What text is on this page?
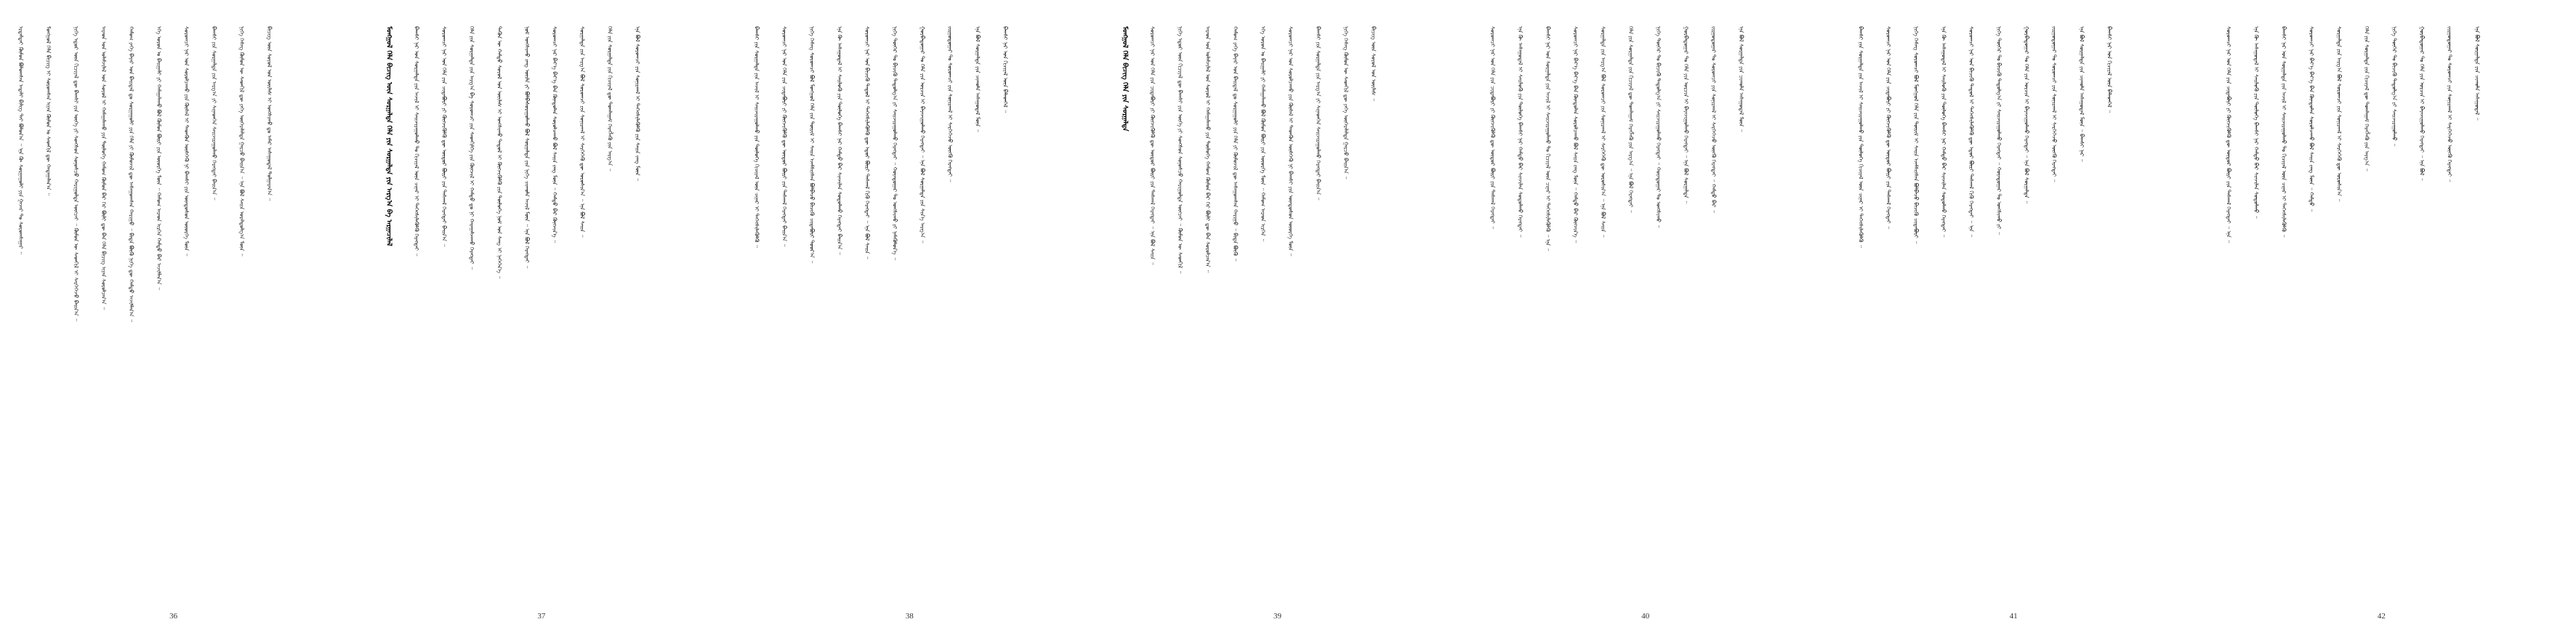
ᠡᠷᠳᠡᠮᠲᠡᠢ ᠬᠦᠮᠦᠨ ᠪᠣᠯᠤᠭᠰᠠᠨ ᠠᠳᠠᠯᠢ ᠪᠢᠯᠢᠭ ᠲᠠᠢ ᠪᠣᠯᠤᠨ᠎ᠠ ᠃ ᠡᠨᠡ ᠬᠦ ᠰᠤᠷᠭᠠᠭᠤᠯᠢ ᠶᠢᠨ ᠭᠠᠵᠠᠷ ᠲᠤ ᠰᠤᠷᠤᠭᠰᠠᠭᠠᠷ ᠃	ᠮᠣᠩᠭᠣᠯ ᠬᠡᠯᠡ ᠪᠢᠴᠢᠭ᠌ ᠢ ᠰᠤᠷᠤᠭᠰᠠᠨ ᠢᠶᠡᠨ ᠬᠦᠮᠦᠨ ᠤ ᠰᠡᠳᠬᠢᠯ ᠳᠦ ᠬᠠᠳᠠᠭᠠᠯᠠᠨ᠎ᠠ ᠃	ᠨᠢᠭᠡ ᠡᠳᠦᠷ ᠦᠨ ᠬᠢᠴᠢᠶᠡᠯ ᠳᠦ ᠪᠠᠭᠰᠢ ᠶᠢᠨ ᠦᠭᠡ ᠶᠢ ᠰᠣᠩᠰᠣᠨ ᠰᠣᠨᠣᠰᠴᠤ ᠬᠠᠷᠢᠭᠤᠯᠲᠠ ᠥᠭᠴᠡᠢ ᠃ ᠬᠦᠮᠦᠨ ᠦ ᠰᠡᠳᠬᠢᠯ ᠢ ᠰᠡᠷᠭᠡᠭᠡᠵᠦ ᠪᠠᠢᠨ᠎ᠠ ᠃	ᠠᠷᠠᠳ ᠤᠨ ᠤᠯᠠᠮᠵᠢᠯᠠᠯ ᠤᠨ ᠰᠣᠶᠣᠯ ᠢ ᠬᠠᠮᠠᠭᠠᠯᠠᠬᠤ ᠶᠢᠨ ᠲᠥᠯᠥᠭᠡ ᠬᠠᠮᠤᠭ ᠬᠦᠮᠦᠨ ᠪᠠᠷ ᠭᠡᠷ ᠪᠦᠯᠢ ᠳᠦ ᠪᠡᠨ ᠬᠡᠯᠡ ᠪᠢᠴᠢᠭ᠌ ᠢᠶᠡᠨ ᠰᠤᠷᠤᠯᠴᠠᠨ᠎ᠠ ᠃	ᠬᠠᠮᠤᠭ ᠶᠡᠬᠡ ᠪᠠᠶᠠᠷ ᠤᠨ ᠪᠠᠢᠳᠠᠯ ᠳᠤ ᠰᠤᠷᠭᠠᠭᠤᠯᠢ ᠶᠢᠨ ᠬᠡᠯᠡ ᠶᠢ ᠬᠦᠮᠦᠵᠢᠯ ᠳᠦ ᠠᠰᠠᠭᠤᠭᠰᠠᠨ ᠬᠠᠷᠢᠭᠤ ᠃ ᠪᠢᠳᠡ ᠪᠦᠬᠦ ᠨᠢᠭᠡ ᠳᠦ ᠬᠠᠮᠲᠤ ᠠᠵᠢᠯᠯᠠᠨ᠎ᠠ ᠃	ᠡᠬᠡ ᠣᠷᠣᠨ ᠤ ᠪᠠᠢᠭᠠᠯᠢ ᠶᠢ ᠬᠠᠮᠠᠭᠠᠯᠠᠬᠤ ᠪᠣᠯ ᠬᠦᠮᠦᠨ ᠪᠦᠷᠢ ᠶᠢᠨ ᠦᠦᠷᠭᠡ ᠮᠥᠨ ᠃ ᠬᠠᠮᠤᠭ ᠠᠷᠠᠳ ᠢᠷᠭᠡᠨ ᠬᠠᠮᠲᠤ ᠪᠠᠷ ᠠᠵᠢᠯᠯᠠᠨ᠎ᠠ ᠃	ᠰᠤᠷᠤᠭᠴᠢ ᠨᠠᠷ ᠤᠨ ᠰᠤᠷᠤᠯᠴᠠᠬᠤ ᠶᠢᠨ ᠬᠦᠰᠡᠯ ᠢ ᠲᠡᠳᠭᠦᠨ ᠥᠰᠬᠡᠬᠦ ᠨᠢ ᠪᠠᠭᠰᠢ ᠶᠢᠨ ᠦᠨᠳᠦᠰᠦᠨ ᠦᠦᠷᠭᠡ ᠮᠥᠨ ᠃	ᠪᠠᠭᠰᠢ ᠶᠢᠨ ᠰᠤᠷᠭᠠᠯᠲᠠ ᠶᠢᠨ ᠠᠷᠭ᠎ᠠ ᠶᠢ ᠰᠢᠨᠡᠳᠭᠡᠨ ᠰᠠᠢᠵᠢᠷᠠᠭᠤᠯᠬᠤ ᠬᠡᠷᠡᠭᠲᠡᠢ ᠪᠠᠢᠨ᠎ᠠ ᠃	ᠨᠢᠭᠡ ᠬᠡᠰᠡᠭ ᠬᠦᠮᠦᠨ ᠦ ᠰᠡᠳᠬᠢᠯ ᠳᠦ ᠶᠡᠬᠡ ᠥᠭᠡᠷᠡᠯᠡᠯᠲᠡ ᠭᠠᠷᠴᠤ ᠪᠠᠢᠨ᠎ᠠ ᠃ ᠡᠨᠡ ᠪᠣᠯ ᠰᠠᠢᠨ ᠤᠷᠠᠯᠳᠤᠯᠭ᠎ᠠ ᠮᠥᠨ ᠃	ᠪᠢᠴᠢᠭ᠌ ᠦᠨ ᠰᠣᠶᠣᠯ ᠤᠨ ᠦᠢᠯᠡᠰ ᠢ ᠤᠩᠰᠢᠬᠤ ᠳᠤ ᠠᠮᠠᠷ ᠠᠰᠠᠭᠤᠳᠠᠯ ᠲᠤᠯᠭᠠᠷᠠᠨ᠎ᠠ ᠃
36
ᠮᠣᠩᠭᠣᠯ ᠬᠡᠯᠡ ᠪᠢᠴᠢᠭ᠌ ᠦᠨ ᠰᠤᠷᠭᠠᠯᠲᠠ ᠬᠡᠯᠡ ᠶᠢᠨ ᠰᠤᠷᠭᠠᠯᠲᠠ ᠶᠢᠨ ᠠᠷᠭ᠎ᠠ ᠪᠠ ᠠᠷᠭᠠᠴᠢᠯᠠᠯ	ᠪᠠᠭᠰᠢ ᠨᠠᠷ ᠤᠨ ᠰᠤᠷᠭᠠᠯᠲᠠ ᠶᠢᠨ ᠠᠵᠢᠯ ᠢ ᠰᠠᠢᠵᠢᠷᠠᠭᠤᠯᠬᠤ ᠲᠤ ᠬᠢᠴᠢᠶᠡᠯ ᠦᠨ ᠴᠢᠨᠠᠷ ᠢ ᠳᠡᠭᠡᠭᠰᠢᠯᠡᠭᠦᠯᠬᠦ ᠬᠡᠷᠡᠭᠲᠡᠢ ᠃	ᠰᠤᠷᠤᠭᠴᠢ ᠨᠠᠷ ᠤᠨ ᠬᠡᠯᠡ ᠶᠢᠨ ᠴᠢᠳᠠᠪᠤᠷᠢ ᠶᠢ ᠬᠥᠭᠵᠢᠭᠦᠯᠬᠦ ᠳᠦ ᠥᠳᠥᠷ ᠪᠦᠷᠢ ᠶᠢᠨ ᠳᠠᠰᠬᠠᠯ ᠬᠡᠷᠡᠭᠲᠡᠢ ᠪᠠᠢᠨ᠎ᠠ ᠃	ᠬᠡᠯᠡ ᠶᠢᠨ ᠰᠤᠷᠭᠠᠯᠲᠠ ᠶᠢᠨ ᠠᠷᠭ᠎ᠠ ᠪᠠ ᠰᠤᠷᠤᠭᠴᠢ ᠶᠢᠨ ᠰᠡᠳᠬᠢᠯᠭᠡ ᠶᠢᠨ ᠬᠥᠭᠵᠢᠯ ᠢ ᠬᠠᠮᠲᠤ ᠳᠤ ᠨᠢ ᠬᠠᠷᠠᠭᠠᠯᠵᠠᠬᠤ ᠬᠡᠷᠡᠭᠲᠡᠢ ᠃	ᠲᠡᠭᠦᠨ ᠦ ᠬᠠᠮᠲᠤ ᠰᠣᠶᠣᠯ ᠤᠨ ᠦᠢᠯᠡᠰ ᠢ ᠤᠩᠰᠢᠬᠤ ᠳᠠᠳᠤᠯ ᠢ ᠬᠥᠭᠵᠢᠭᠦᠯᠬᠦ ᠶᠢᠨ ᠲᠥᠯᠥᠭᠡ ᠨᠣᠮ ᠤᠨ ᠰᠠᠩ ᠢ ᠨᠡᠭᠡᠭᠡᠨ᠎ᠡ ᠃	ᠨᠣᠮ ᠤᠩᠰᠢᠬᠤ ᠵᠠᠩ ᠦᠢᠯᠡ ᠶᠢ ᠪᠣᠯᠪᠠᠰᠤᠷᠠᠭᠤᠯᠬᠤ ᠪᠣᠯ ᠰᠤᠷᠭᠠᠯᠲᠠ ᠶᠢᠨ ᠨᠢᠭᠡ ᠴᠢᠬᠤᠯᠠ ᠠᠵᠢᠯ ᠮᠥᠨ ᠃ ᠡᠨᠡ ᠪᠣᠯ ᠬᠡᠷᠡᠭᠲᠡᠢ ᠃	ᠰᠤᠷᠤᠭᠴᠢ ᠨᠠᠷ ᠪᠡᠶ᠎ᠡ ᠪᠡᠶ᠎ᠡ ᠪᠡᠨ ᠬᠦᠨᠳᠦᠯᠡᠨ ᠰᠤᠷᠤᠯᠴᠠᠬᠤ ᠪᠣᠯ ᠰᠠᠢᠨ ᠵᠠᠩ ᠮᠥᠨ ᠃ ᠬᠠᠮᠲᠤ ᠪᠠᠷ ᠬᠥᠭᠵᠢᠨ᠎ᠡ ᠃	ᠰᠤᠷᠭᠠᠯᠲᠠ ᠶᠢᠨ ᠠᠷᠭ᠎ᠠ ᠪᠣᠯ ᠰᠤᠷᠤᠭᠴᠢ ᠶᠢᠨ ᠰᠣᠨᠢᠷᠬᠠᠯ ᠢ ᠰᠡᠷᠭᠡᠭᠡᠬᠦ ᠳᠦ ᠣᠷᠣᠰᠢᠨ᠎ᠠ ᠃ ᠡᠨᠡ ᠪᠣᠯ ᠰᠠᠢᠨ ᠃	ᠬᠡᠯᠡ ᠶᠢᠨ ᠰᠤᠷᠭᠠᠯᠲᠠ ᠶᠢᠨ ᠬᠢᠴᠢᠶᠡᠯ ᠳᠦ ᠲᠣᠭᠯᠠᠭᠠᠮ ᠬᠡᠷᠡᠭᠯᠡᠬᠦ ᠶᠢᠨ ᠠᠷᠭ᠎ᠠ ᠃	ᠡᠨᠡ ᠪᠣᠯ ᠰᠤᠷᠤᠭᠴᠢ ᠶᠢᠨ ᠰᠣᠨᠢᠷᠬᠠᠯ ᠢ ᠳᠡᠭᠡᠭᠰᠢᠯᠡᠭᠦᠯᠬᠦ ᠶᠢᠨ ᠰᠠᠢᠨ ᠵᠠᠩ ᠮᠥᠨ ᠃
37
ᠪᠠᠭᠰᠢ ᠶᠢᠨ ᠰᠤᠷᠭᠠᠯᠲᠠ ᠶᠢᠨ ᠠᠵᠢᠯ ᠢ ᠰᠠᠢᠵᠢᠷᠠᠭᠤᠯᠬᠤ ᠶᠢᠨ ᠲᠥᠯᠥᠭᠡ ᠬᠢᠴᠢᠶᠡᠯ ᠦᠨ ᠴᠢᠨᠠᠷ ᠢ ᠳᠡᠭᠡᠭᠰᠢᠯᠡᠭᠦᠯᠬᠦ ᠃	ᠰᠤᠷᠤᠭᠴᠢ ᠨᠠᠷ ᠤᠨ ᠬᠡᠯᠡ ᠶᠢᠨ ᠴᠢᠳᠠᠪᠤᠷᠢ ᠶᠢ ᠬᠥᠭᠵᠢᠭᠦᠯᠬᠦ ᠳᠦ ᠥᠳᠥᠷ ᠪᠦᠷᠢ ᠶᠢᠨ ᠳᠠᠰᠬᠠᠯ ᠬᠡᠷᠡᠭᠲᠡᠢ ᠪᠠᠢᠨ᠎ᠠ ᠃	ᠨᠢᠭᠡ ᠬᠡᠰᠡᠭ ᠰᠤᠷᠤᠭᠴᠢ ᠪᠣᠯ ᠮᠣᠩᠭᠣᠯ ᠬᠡᠯᠡ ᠶᠢᠨ ᠳᠦᠷᠢᠮ ᠢ ᠰᠠᠢᠨ ᠡᠵᠡᠮᠰᠢᠭᠰᠡᠨ ᠪᠣᠯᠪᠠᠴᠤ ᠪᠢᠴᠢᠬᠦ ᠴᠢᠳᠠᠪᠤᠷᠢ ᠳᠣᠣᠷ᠎ᠠ ᠃	ᠡᠨᠡ ᠬᠦ ᠠᠰᠠᠭᠤᠳᠠᠯ ᠢ ᠰᠡᠢᠯᠦᠬᠦ ᠶᠢᠨ ᠲᠥᠯᠥᠭᠡ ᠪᠠᠭᠰᠢ ᠨᠠᠷ ᠬᠠᠮᠲᠤ ᠪᠠᠷ ᠰᠢᠨᠵᠢᠯᠡᠨ ᠰᠤᠳᠤᠯᠬᠤ ᠬᠡᠷᠡᠭᠲᠡᠢ ᠪᠠᠢᠨ᠎ᠠ ᠃	ᠰᠤᠷᠤᠭᠴᠢ ᠨᠠᠷ ᠤᠨ ᠪᠢᠴᠢᠬᠦ ᠳᠠᠳᠤᠯ ᠢ ᠳᠡᠭᠡᠭᠰᠢᠯᠡᠭᠦᠯᠬᠦ ᠳᠦ ᠡᠳᠦᠷ ᠪᠦᠷᠢ ᠳᠠᠰᠬᠠᠯ ᠬᠢᠬᠦ ᠬᠡᠷᠡᠭᠲᠡᠢ ᠃ ᠡᠨᠡ ᠪᠣᠯ ᠰᠠᠢᠨ ᠃	ᠨᠢᠭᠡ ᠳᠦᠭᠡᠷ ᠲᠤ ᠪᠢᠴᠢᠬᠦ ᠳᠠᠳᠤᠯᠭ᠎ᠠ ᠶᠢ ᠰᠠᠢᠵᠢᠷᠠᠭᠤᠯᠬᠤ ᠬᠡᠷᠡᠭᠲᠡᠢ ᠃ ᠬᠣᠶᠠᠳᠤᠭᠠᠷ ᠲᠤ ᠤᠩᠰᠢᠬᠤ ᠶᠢ ᠨᠡᠮᠡᠭᠦᠯᠦᠨ᠎ᠡ ᠃	ᠭᠤᠷᠪᠠᠳᠤᠭᠠᠷ ᠲᠤ ᠬᠡᠯᠡ ᠶᠢᠨ ᠣᠷᠴᠢᠨ ᠢ ᠪᠠᠶᠠᠵᠢᠭᠤᠯᠬᠤ ᠬᠡᠷᠡᠭᠲᠡᠢ ᠃ ᠡᠨᠡ ᠪᠣᠯ ᠰᠤᠷᠭᠠᠯᠲᠠ ᠶᠢᠨ ᠰᠢᠨ᠎ᠡ ᠠᠷᠭ᠎ᠠ ᠃	ᠵᠢᠷᠭᠤᠳᠤᠭᠠᠷ ᠲᠤ ᠰᠤᠷᠤᠭᠴᠢ ᠶᠢᠨ ᠰᠣᠨᠢᠷᠬᠠᠯ ᠢ ᠰᠡᠷᠭᠡᠭᠡᠵᠦ ᠥᠭᠬᠦ ᠬᠡᠷᠡᠭᠲᠡᠢ ᠃	ᠡᠨᠡ ᠪᠣᠯ ᠰᠤᠷᠭᠠᠯᠲᠠ ᠶᠢᠨ ᠴᠢᠬᠤᠯᠠ ᠠᠰᠠᠭᠤᠳᠠᠯ ᠮᠥᠨ ᠃	ᠪᠠᠭᠰᠢ ᠨᠠᠷ ᠤᠨ ᠬᠢᠴᠢᠶᠡᠯ ᠦᠨ ᠪᠡᠯᠡᠳᠭᠡᠯ ᠃
38
ᠮᠣᠩᠭᠣᠯ ᠬᠡᠯᠡ ᠪᠢᠴᠢᠭ᠌ ᠬᠡᠯᠡ ᠶᠢᠨ ᠰᠤᠷᠭᠠᠯᠲᠠ	ᠰᠤᠷᠤᠭᠴᠢ ᠨᠠᠷ ᠤᠨ ᠬᠡᠯᠡ ᠶᠢᠨ ᠴᠢᠳᠠᠪᠤᠷᠢ ᠶᠢ ᠬᠥᠭᠵᠢᠭᠦᠯᠬᠦ ᠳᠦ ᠥᠳᠥᠷ ᠪᠦᠷᠢ ᠶᠢᠨ ᠳᠠᠰᠬᠠᠯ ᠬᠡᠷᠡᠭᠲᠡᠢ ᠃ ᠡᠨᠡ ᠪᠣᠯ ᠰᠠᠢᠨ ᠃	ᠨᠢᠭᠡ ᠡᠳᠦᠷ ᠦᠨ ᠬᠢᠴᠢᠶᠡᠯ ᠳᠦ ᠪᠠᠭᠰᠢ ᠶᠢᠨ ᠦᠭᠡ ᠶᠢ ᠰᠣᠩᠰᠣᠨ ᠰᠣᠨᠣᠰᠴᠤ ᠬᠠᠷᠢᠭᠤᠯᠲᠠ ᠥᠭᠴᠡᠢ ᠃ ᠬᠦᠮᠦᠨ ᠦ ᠰᠡᠳᠬᠢᠯ ᠃	ᠠᠷᠠᠳ ᠤᠨ ᠤᠯᠠᠮᠵᠢᠯᠠᠯ ᠤᠨ ᠰᠣᠶᠣᠯ ᠢ ᠬᠠᠮᠠᠭᠠᠯᠠᠬᠤ ᠶᠢᠨ ᠲᠥᠯᠥᠭᠡ ᠬᠠᠮᠤᠭ ᠬᠦᠮᠦᠨ ᠪᠠᠷ ᠭᠡᠷ ᠪᠦᠯᠢ ᠳᠦ ᠪᠡᠨ ᠰᠤᠷᠤᠯᠴᠠᠨ᠎ᠠ ᠃	ᠬᠠᠮᠤᠭ ᠶᠡᠬᠡ ᠪᠠᠶᠠᠷ ᠤᠨ ᠪᠠᠢᠳᠠᠯ ᠳᠤ ᠰᠤᠷᠭᠠᠭᠤᠯᠢ ᠶᠢᠨ ᠬᠡᠯᠡ ᠶᠢ ᠬᠦᠮᠦᠵᠢᠯ ᠳᠦ ᠠᠰᠠᠭᠤᠭᠰᠠᠨ ᠬᠠᠷᠢᠭᠤ ᠃ ᠪᠢᠳᠡ ᠪᠦᠬᠦ ᠃	ᠡᠬᠡ ᠣᠷᠣᠨ ᠤ ᠪᠠᠢᠭᠠᠯᠢ ᠶᠢ ᠬᠠᠮᠠᠭᠠᠯᠠᠬᠤ ᠪᠣᠯ ᠬᠦᠮᠦᠨ ᠪᠦᠷᠢ ᠶᠢᠨ ᠦᠦᠷᠭᠡ ᠮᠥᠨ ᠃ ᠬᠠᠮᠤᠭ ᠠᠷᠠᠳ ᠢᠷᠭᠡᠨ ᠃	ᠰᠤᠷᠤᠭᠴᠢ ᠨᠠᠷ ᠤᠨ ᠰᠤᠷᠤᠯᠴᠠᠬᠤ ᠶᠢᠨ ᠬᠦᠰᠡᠯ ᠢ ᠲᠡᠳᠭᠦᠨ ᠥᠰᠬᠡᠬᠦ ᠨᠢ ᠪᠠᠭᠰᠢ ᠶᠢᠨ ᠦᠨᠳᠦᠰᠦᠨ ᠦᠦᠷᠭᠡ ᠮᠥᠨ ᠃	ᠪᠠᠭᠰᠢ ᠶᠢᠨ ᠰᠤᠷᠭᠠᠯᠲᠠ ᠶᠢᠨ ᠠᠷᠭ᠎ᠠ ᠶᠢ ᠰᠢᠨᠡᠳᠭᠡᠨ ᠰᠠᠢᠵᠢᠷᠠᠭᠤᠯᠬᠤ ᠬᠡᠷᠡᠭᠲᠡᠢ ᠪᠠᠢᠨ᠎ᠠ ᠃	ᠨᠢᠭᠡ ᠬᠡᠰᠡᠭ ᠬᠦᠮᠦᠨ ᠦ ᠰᠡᠳᠬᠢᠯ ᠳᠦ ᠶᠡᠬᠡ ᠥᠭᠡᠷᠡᠯᠡᠯᠲᠡ ᠭᠠᠷᠴᠤ ᠪᠠᠢᠨ᠎ᠠ ᠃	ᠪᠢᠴᠢᠭ᠌ ᠦᠨ ᠰᠣᠶᠣᠯ ᠤᠨ ᠦᠢᠯᠡᠰ ᠃
39
ᠰᠤᠷᠤᠭᠴᠢ ᠨᠠᠷ ᠤᠨ ᠬᠡᠯᠡ ᠶᠢᠨ ᠴᠢᠳᠠᠪᠤᠷᠢ ᠶᠢ ᠬᠥᠭᠵᠢᠭᠦᠯᠬᠦ ᠳᠦ ᠥᠳᠥᠷ ᠪᠦᠷᠢ ᠶᠢᠨ ᠳᠠᠰᠬᠠᠯ ᠬᠡᠷᠡᠭᠲᠡᠢ ᠃	ᠡᠨᠡ ᠬᠦ ᠠᠰᠠᠭᠤᠳᠠᠯ ᠢ ᠰᠡᠢᠯᠦᠬᠦ ᠶᠢᠨ ᠲᠥᠯᠥᠭᠡ ᠪᠠᠭᠰᠢ ᠨᠠᠷ ᠬᠠᠮᠲᠤ ᠪᠠᠷ ᠰᠢᠨᠵᠢᠯᠡᠨ ᠰᠤᠳᠤᠯᠬᠤ ᠬᠡᠷᠡᠭᠲᠡᠢ ᠃	ᠪᠠᠭᠰᠢ ᠨᠠᠷ ᠤᠨ ᠰᠤᠷᠭᠠᠯᠲᠠ ᠶᠢᠨ ᠠᠵᠢᠯ ᠢ ᠰᠠᠢᠵᠢᠷᠠᠭᠤᠯᠬᠤ ᠲᠤ ᠬᠢᠴᠢᠶᠡᠯ ᠦᠨ ᠴᠢᠨᠠᠷ ᠢ ᠳᠡᠭᠡᠭᠰᠢᠯᠡᠭᠦᠯᠬᠦ ᠃ ᠡᠨᠡ ᠃	ᠰᠤᠷᠤᠭᠴᠢ ᠨᠠᠷ ᠪᠡᠶ᠎ᠡ ᠪᠡᠶ᠎ᠡ ᠪᠡᠨ ᠬᠦᠨᠳᠦᠯᠡᠨ ᠰᠤᠷᠤᠯᠴᠠᠬᠤ ᠪᠣᠯ ᠰᠠᠢᠨ ᠵᠠᠩ ᠮᠥᠨ ᠃ ᠬᠠᠮᠲᠤ ᠪᠠᠷ ᠬᠥᠭᠵᠢᠨ᠎ᠡ ᠃	ᠰᠤᠷᠭᠠᠯᠲᠠ ᠶᠢᠨ ᠠᠷᠭ᠎ᠠ ᠪᠣᠯ ᠰᠤᠷᠤᠭᠴᠢ ᠶᠢᠨ ᠰᠣᠨᠢᠷᠬᠠᠯ ᠢ ᠰᠡᠷᠭᠡᠭᠡᠬᠦ ᠳᠦ ᠣᠷᠣᠰᠢᠨ᠎ᠠ ᠃ ᠡᠨᠡ ᠪᠣᠯ ᠰᠠᠢᠨ ᠃	ᠬᠡᠯᠡ ᠶᠢᠨ ᠰᠤᠷᠭᠠᠯᠲᠠ ᠶᠢᠨ ᠬᠢᠴᠢᠶᠡᠯ ᠳᠦ ᠲᠣᠭᠯᠠᠭᠠᠮ ᠬᠡᠷᠡᠭᠯᠡᠬᠦ ᠶᠢᠨ ᠠᠷᠭ᠎ᠠ ᠃ ᠡᠨᠡ ᠪᠣᠯ ᠬᠡᠷᠡᠭᠲᠡᠢ ᠃	ᠨᠢᠭᠡ ᠳᠦᠭᠡᠷ ᠲᠤ ᠪᠢᠴᠢᠬᠦ ᠳᠠᠳᠤᠯᠭ᠎ᠠ ᠶᠢ ᠰᠠᠢᠵᠢᠷᠠᠭᠤᠯᠬᠤ ᠬᠡᠷᠡᠭᠲᠡᠢ ᠃ ᠬᠣᠶᠠᠳᠤᠭᠠᠷ ᠲᠤ ᠤᠩᠰᠢᠬᠤ ᠃	ᠭᠤᠷᠪᠠᠳᠤᠭᠠᠷ ᠲᠤ ᠬᠡᠯᠡ ᠶᠢᠨ ᠣᠷᠴᠢᠨ ᠢ ᠪᠠᠶᠠᠵᠢᠭᠤᠯᠬᠤ ᠬᠡᠷᠡᠭᠲᠡᠢ ᠃ ᠡᠨᠡ ᠪᠣᠯ ᠰᠤᠷᠭᠠᠯᠲᠠ ᠃	ᠵᠢᠷᠭᠤᠳᠤᠭᠠᠷ ᠲᠤ ᠰᠤᠷᠤᠭᠴᠢ ᠶᠢᠨ ᠰᠣᠨᠢᠷᠬᠠᠯ ᠢ ᠰᠡᠷᠭᠡᠭᠡᠵᠦ ᠥᠭᠬᠦ ᠬᠡᠷᠡᠭᠲᠡᠢ ᠃ ᠬᠠᠮᠲᠤ ᠪᠠᠷ ᠃	ᠡᠨᠡ ᠪᠣᠯ ᠰᠤᠷᠭᠠᠯᠲᠠ ᠶᠢᠨ ᠴᠢᠬᠤᠯᠠ ᠠᠰᠠᠭᠤᠳᠠᠯ ᠮᠥᠨ ᠃
40
ᠪᠠᠭᠰᠢ ᠶᠢᠨ ᠰᠤᠷᠭᠠᠯᠲᠠ ᠶᠢᠨ ᠠᠵᠢᠯ ᠢ ᠰᠠᠢᠵᠢᠷᠠᠭᠤᠯᠬᠤ ᠶᠢᠨ ᠲᠥᠯᠥᠭᠡ ᠬᠢᠴᠢᠶᠡᠯ ᠦᠨ ᠴᠢᠨᠠᠷ ᠢ ᠳᠡᠭᠡᠭᠰᠢᠯᠡᠭᠦᠯᠬᠦ ᠃	ᠰᠤᠷᠤᠭᠴᠢ ᠨᠠᠷ ᠤᠨ ᠬᠡᠯᠡ ᠶᠢᠨ ᠴᠢᠳᠠᠪᠤᠷᠢ ᠶᠢ ᠬᠥᠭᠵᠢᠭᠦᠯᠬᠦ ᠳᠦ ᠥᠳᠥᠷ ᠪᠦᠷᠢ ᠶᠢᠨ ᠳᠠᠰᠬᠠᠯ ᠬᠡᠷᠡᠭᠲᠡᠢ ᠃	ᠨᠢᠭᠡ ᠬᠡᠰᠡᠭ ᠰᠤᠷᠤᠭᠴᠢ ᠪᠣᠯ ᠮᠣᠩᠭᠣᠯ ᠬᠡᠯᠡ ᠶᠢᠨ ᠳᠦᠷᠢᠮ ᠢ ᠰᠠᠢᠨ ᠡᠵᠡᠮᠰᠢᠭᠰᠡᠨ ᠪᠣᠯᠪᠠᠴᠤ ᠪᠢᠴᠢᠬᠦ ᠴᠢᠳᠠᠪᠤᠷᠢ ᠃	ᠡᠨᠡ ᠬᠦ ᠠᠰᠠᠭᠤᠳᠠᠯ ᠢ ᠰᠡᠢᠯᠦᠬᠦ ᠶᠢᠨ ᠲᠥᠯᠥᠭᠡ ᠪᠠᠭᠰᠢ ᠨᠠᠷ ᠬᠠᠮᠲᠤ ᠪᠠᠷ ᠰᠢᠨᠵᠢᠯᠡᠨ ᠰᠤᠳᠤᠯᠬᠤ ᠬᠡᠷᠡᠭᠲᠡᠢ ᠃	ᠰᠤᠷᠤᠭᠴᠢ ᠨᠠᠷ ᠤᠨ ᠪᠢᠴᠢᠬᠦ ᠳᠠᠳᠤᠯ ᠢ ᠳᠡᠭᠡᠭᠰᠢᠯᠡᠭᠦᠯᠬᠦ ᠳᠦ ᠡᠳᠦᠷ ᠪᠦᠷᠢ ᠳᠠᠰᠬᠠᠯ ᠬᠢᠬᠦ ᠬᠡᠷᠡᠭᠲᠡᠢ ᠃ ᠡᠨᠡ ᠃	ᠨᠢᠭᠡ ᠳᠦᠭᠡᠷ ᠲᠤ ᠪᠢᠴᠢᠬᠦ ᠳᠠᠳᠤᠯᠭ᠎ᠠ ᠶᠢ ᠰᠠᠢᠵᠢᠷᠠᠭᠤᠯᠬᠤ ᠬᠡᠷᠡᠭᠲᠡᠢ ᠃ ᠬᠣᠶᠠᠳᠤᠭᠠᠷ ᠲᠤ ᠤᠩᠰᠢᠬᠤ ᠶᠢ ᠃	ᠭᠤᠷᠪᠠᠳᠤᠭᠠᠷ ᠲᠤ ᠬᠡᠯᠡ ᠶᠢᠨ ᠣᠷᠴᠢᠨ ᠢ ᠪᠠᠶᠠᠵᠢᠭᠤᠯᠬᠤ ᠬᠡᠷᠡᠭᠲᠡᠢ ᠃ ᠡᠨᠡ ᠪᠣᠯ ᠰᠤᠷᠭᠠᠯᠲᠠ ᠃	ᠵᠢᠷᠭᠤᠳᠤᠭᠠᠷ ᠲᠤ ᠰᠤᠷᠤᠭᠴᠢ ᠶᠢᠨ ᠰᠣᠨᠢᠷᠬᠠᠯ ᠢ ᠰᠡᠷᠭᠡᠭᠡᠵᠦ ᠥᠭᠬᠦ ᠬᠡᠷᠡᠭᠲᠡᠢ ᠃	ᠡᠨᠡ ᠪᠣᠯ ᠰᠤᠷᠭᠠᠯᠲᠠ ᠶᠢᠨ ᠴᠢᠬᠤᠯᠠ ᠠᠰᠠᠭᠤᠳᠠᠯ ᠮᠥᠨ ᠃ ᠪᠠᠭᠰᠢ ᠨᠠᠷ ᠃	ᠪᠠᠭᠰᠢ ᠨᠠᠷ ᠤᠨ ᠬᠢᠴᠢᠶᠡᠯ ᠦᠨ ᠪᠡᠯᠡᠳᠭᠡᠯ ᠃
41
ᠰᠤᠷᠤᠭᠴᠢ ᠨᠠᠷ ᠤᠨ ᠬᠡᠯᠡ ᠶᠢᠨ ᠴᠢᠳᠠᠪᠤᠷᠢ ᠶᠢ ᠬᠥᠭᠵᠢᠭᠦᠯᠬᠦ ᠳᠦ ᠥᠳᠥᠷ ᠪᠦᠷᠢ ᠶᠢᠨ ᠳᠠᠰᠬᠠᠯ ᠬᠡᠷᠡᠭᠲᠡᠢ ᠃ ᠡᠨᠡ ᠃	ᠡᠨᠡ ᠬᠦ ᠠᠰᠠᠭᠤᠳᠠᠯ ᠢ ᠰᠡᠢᠯᠦᠬᠦ ᠶᠢᠨ ᠲᠥᠯᠥᠭᠡ ᠪᠠᠭᠰᠢ ᠨᠠᠷ ᠬᠠᠮᠲᠤ ᠪᠠᠷ ᠰᠢᠨᠵᠢᠯᠡᠨ ᠰᠤᠳᠤᠯᠬᠤ ᠃	ᠪᠠᠭᠰᠢ ᠨᠠᠷ ᠤᠨ ᠰᠤᠷᠭᠠᠯᠲᠠ ᠶᠢᠨ ᠠᠵᠢᠯ ᠢ ᠰᠠᠢᠵᠢᠷᠠᠭᠤᠯᠬᠤ ᠲᠤ ᠬᠢᠴᠢᠶᠡᠯ ᠦᠨ ᠴᠢᠨᠠᠷ ᠢ ᠳᠡᠭᠡᠭᠰᠢᠯᠡᠭᠦᠯᠬᠦ ᠃	ᠰᠤᠷᠤᠭᠴᠢ ᠨᠠᠷ ᠪᠡᠶ᠎ᠡ ᠪᠡᠶ᠎ᠡ ᠪᠡᠨ ᠬᠦᠨᠳᠦᠯᠡᠨ ᠰᠤᠷᠤᠯᠴᠠᠬᠤ ᠪᠣᠯ ᠰᠠᠢᠨ ᠵᠠᠩ ᠮᠥᠨ ᠃ ᠬᠠᠮᠲᠤ ᠃	ᠰᠤᠷᠭᠠᠯᠲᠠ ᠶᠢᠨ ᠠᠷᠭ᠎ᠠ ᠪᠣᠯ ᠰᠤᠷᠤᠭᠴᠢ ᠶᠢᠨ ᠰᠣᠨᠢᠷᠬᠠᠯ ᠢ ᠰᠡᠷᠭᠡᠭᠡᠬᠦ ᠳᠦ ᠣᠷᠣᠰᠢᠨ᠎ᠠ ᠃	ᠬᠡᠯᠡ ᠶᠢᠨ ᠰᠤᠷᠭᠠᠯᠲᠠ ᠶᠢᠨ ᠬᠢᠴᠢᠶᠡᠯ ᠳᠦ ᠲᠣᠭᠯᠠᠭᠠᠮ ᠬᠡᠷᠡᠭᠯᠡᠬᠦ ᠶᠢᠨ ᠠᠷᠭ᠎ᠠ ᠃	ᠨᠢᠭᠡ ᠳᠦᠭᠡᠷ ᠲᠤ ᠪᠢᠴᠢᠬᠦ ᠳᠠᠳᠤᠯᠭ᠎ᠠ ᠶᠢ ᠰᠠᠢᠵᠢᠷᠠᠭᠤᠯᠬᠤ ᠃	ᠭᠤᠷᠪᠠᠳᠤᠭᠠᠷ ᠲᠤ ᠬᠡᠯᠡ ᠶᠢᠨ ᠣᠷᠴᠢᠨ ᠢ ᠪᠠᠶᠠᠵᠢᠭᠤᠯᠬᠤ ᠬᠡᠷᠡᠭᠲᠡᠢ ᠃ ᠡᠨᠡ ᠪᠣᠯ ᠃	ᠵᠢᠷᠭᠤᠳᠤᠭᠠᠷ ᠲᠤ ᠰᠤᠷᠤᠭᠴᠢ ᠶᠢᠨ ᠰᠣᠨᠢᠷᠬᠠᠯ ᠢ ᠰᠡᠷᠭᠡᠭᠡᠵᠦ ᠥᠭᠬᠦ ᠬᠡᠷᠡᠭᠲᠡᠢ ᠃	ᠡᠨᠡ ᠪᠣᠯ ᠰᠤᠷᠭᠠᠯᠲᠠ ᠶᠢᠨ ᠴᠢᠬᠤᠯᠠ ᠠᠰᠠᠭᠤᠳᠠᠯ ᠃
42
